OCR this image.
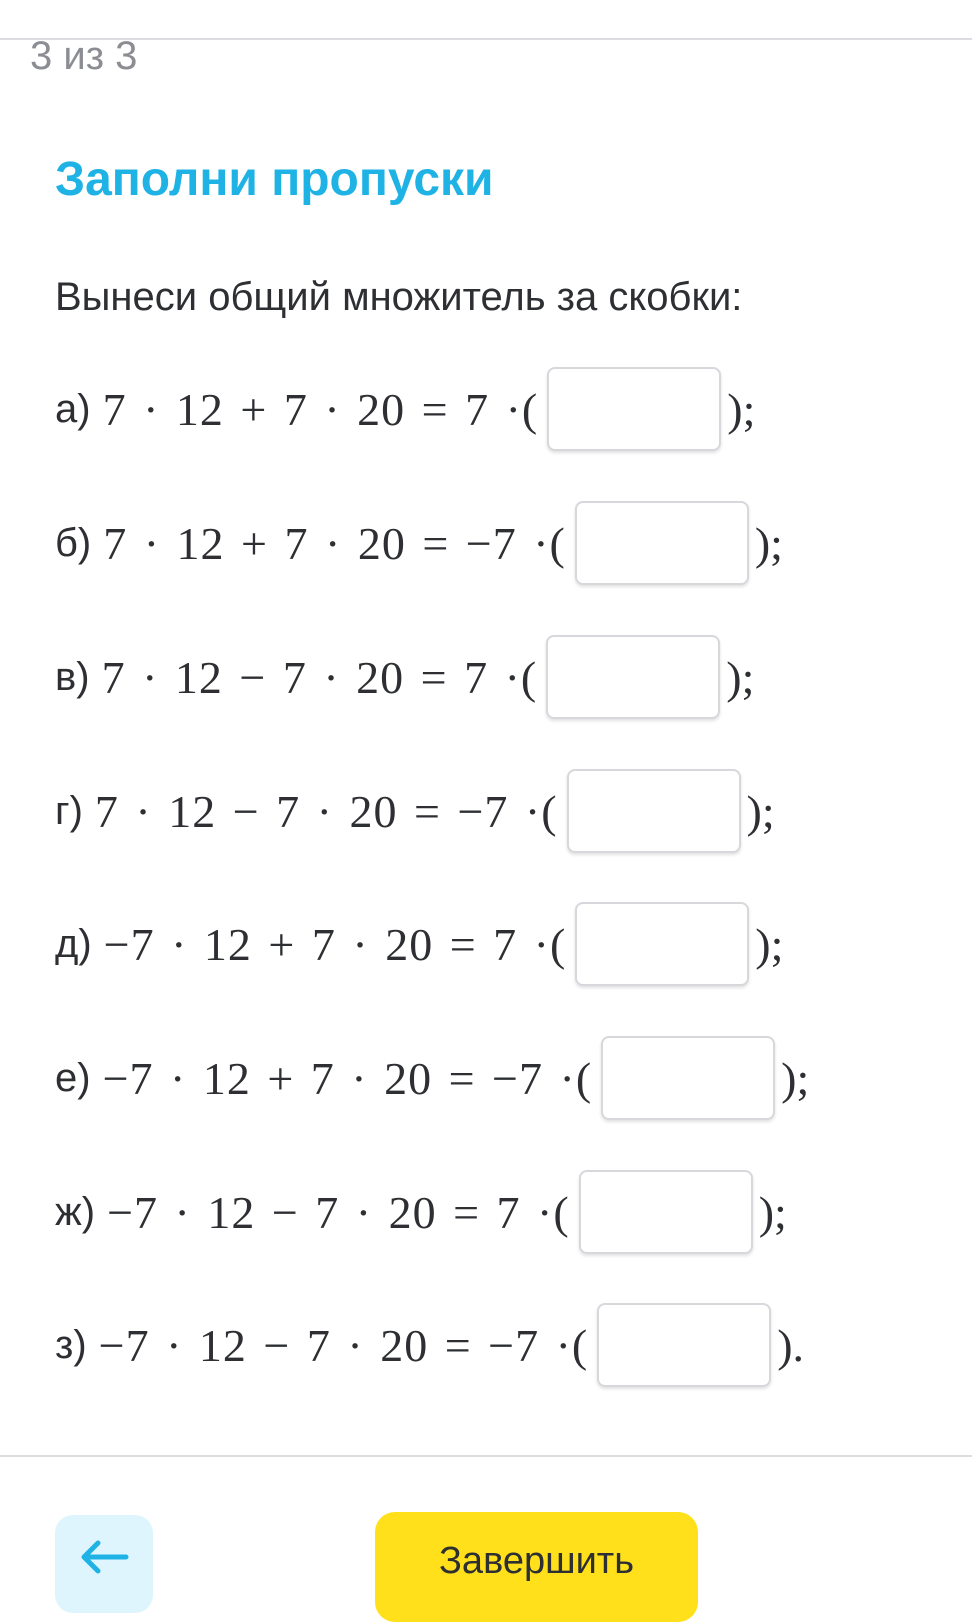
3 из 3
Заполни пропуски
Вынеси общий множитель за скобки:
а) 7 · 12 + 7 · 20 = 7 · (	);
б) 7 · 12 + 7 · 20 = −7 · (	);
в) 7 · 12 − 7 · 20 = 7 · (	);
г) 7 · 12 − 7 · 20 = −7 · (	);
д) −7 · 12 + 7 · 20 = 7 · (	);
е) −7 · 12 + 7 · 20 = −7 · (	);
ж) −7 · 12 − 7 · 20 = 7 · (	);
з) −7 · 12 − 7 · 20 = −7 · (	).
Завершить
